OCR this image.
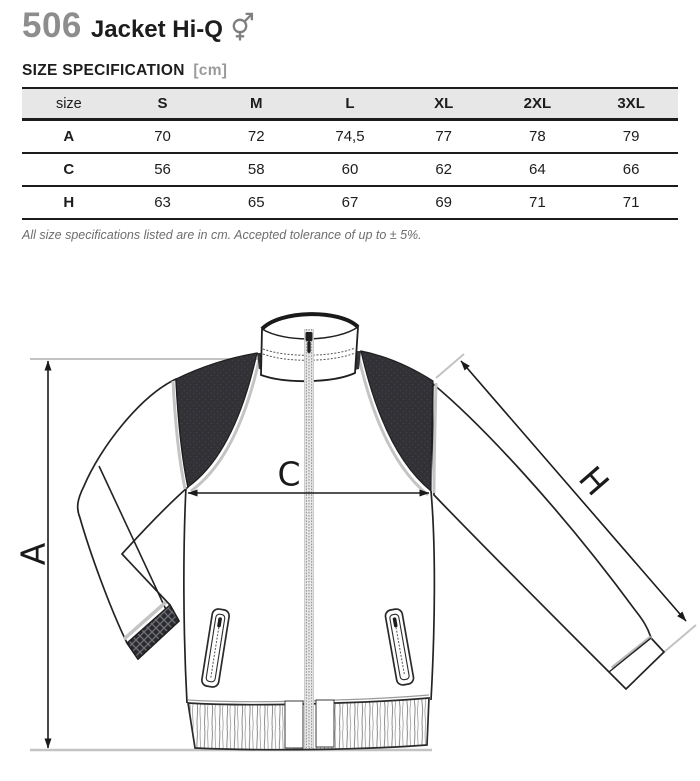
506 Jacket Hi-Q
SIZE SPECIFICATION [cm]
size	S	M	L	XL	2XL	3XL
A	70	72	74,5	77	78	79
C	56	58	60	62	64	66
H	63	65	67	69	71	71
All size specifications listed are in cm. Accepted tolerance of up to ± 5%.
A
C	H
